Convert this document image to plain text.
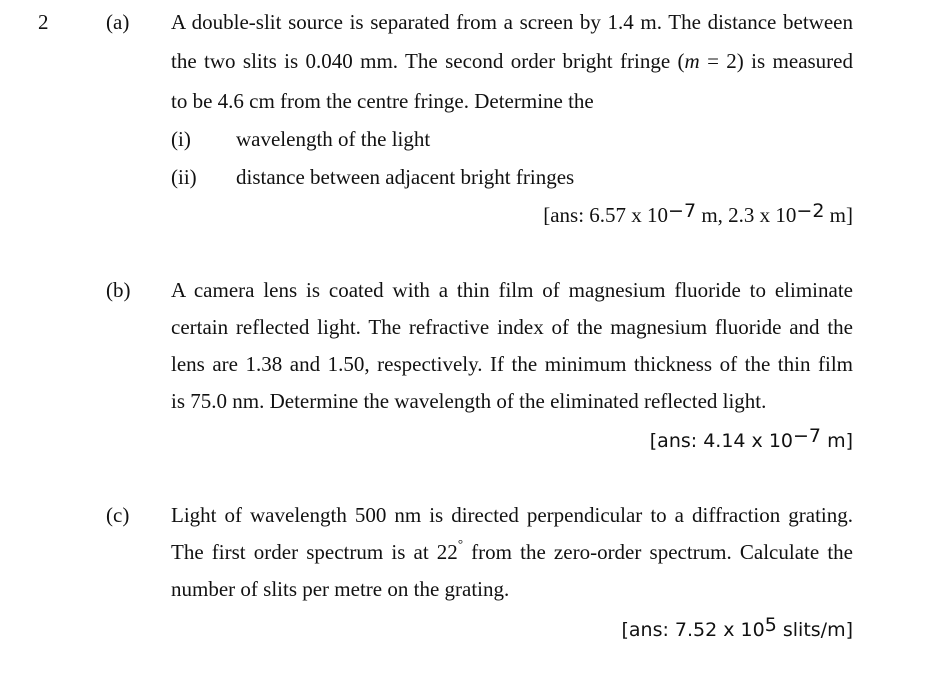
2	(a) A double-slit source is separated from a screen by 1.4 m. The distance between
the two slits is 0.040 mm. The second order bright fringe (m = 2) is measured
to be 4.6 cm from the centre fringe. Determine the
(i) wavelength of the light
(ii) distance between adjacent bright fringes
[ans: 6.57 x $10^{-7}$ m, 2.3 x $10^{-2}$ m]
(b) A camera lens is coated with a thin film of magnesium fluoride to eliminate
certain reflected light. The refractive index of the magnesium fluoride and the
lens are 1.38 and 1.50, respectively. If the minimum thickness of the thin film
is 75.0 nm. Determine the wavelength of the eliminated reflected light.
[ans: 4.14 x $10^{-7}$ m]
(c) Light of wavelength 500 nm is directed perpendicular to a diffraction grating.
The first order spectrum is at 22° from the zero-order spectrum. Calculate the
number of slits per metre on the grating.
[ans: 7.52 x $10^5$ slits/m]
